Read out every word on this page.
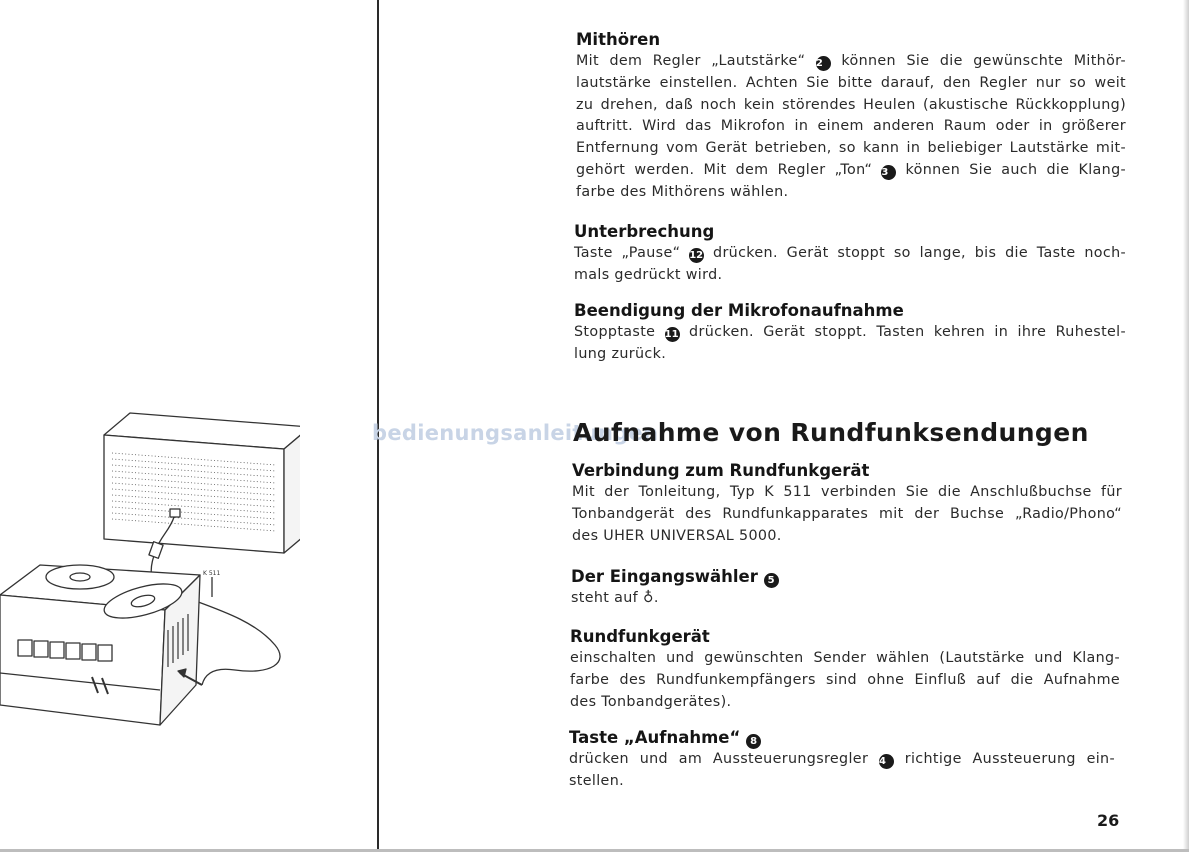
K 511
bedienungsanleitungen
Mithören
Mit dem Regler „Lautstärke“ 2 können Sie die gewünschte Mithör-
lautstärke einstellen. Achten Sie bitte darauf, den Regler nur so weit
zu drehen, daß noch kein störendes Heulen (akustische Rückkopplung)
auftritt. Wird das Mikrofon in einem anderen Raum oder in größerer
Entfernung vom Gerät betrieben, so kann in beliebiger Lautstärke mit-
gehört werden. Mit dem Regler „Ton“ 3 können Sie auch die Klang-
farbe des Mithörens wählen.
Unterbrechung
Taste „Pause“ 12 drücken. Gerät stoppt so lange, bis die Taste noch-
mals gedrückt wird.
Beendigung der Mikrofonaufnahme
Stopptaste 11 drücken. Gerät stoppt. Tasten kehren in ihre Ruhestel-
lung zurück.
Aufnahme von Rundfunksendungen
Verbindung zum Rundfunkgerät
Mit der Tonleitung, Typ K 511 verbinden Sie die Anschlußbuchse für
Tonbandgerät des Rundfunkapparates mit der Buchse „Radio/Phono“
des UHER UNIVERSAL 5000.
Der Eingangswähler 5
steht auf ♁.
Rundfunkgerät
einschalten und gewünschten Sender wählen (Lautstärke und Klang-
farbe des Rundfunkempfängers sind ohne Einfluß auf die Aufnahme
des Tonbandgerätes).
Taste „Aufnahme“ 8
drücken und am Aussteuerungsregler 4 richtige Aussteuerung ein-
stellen.
26
